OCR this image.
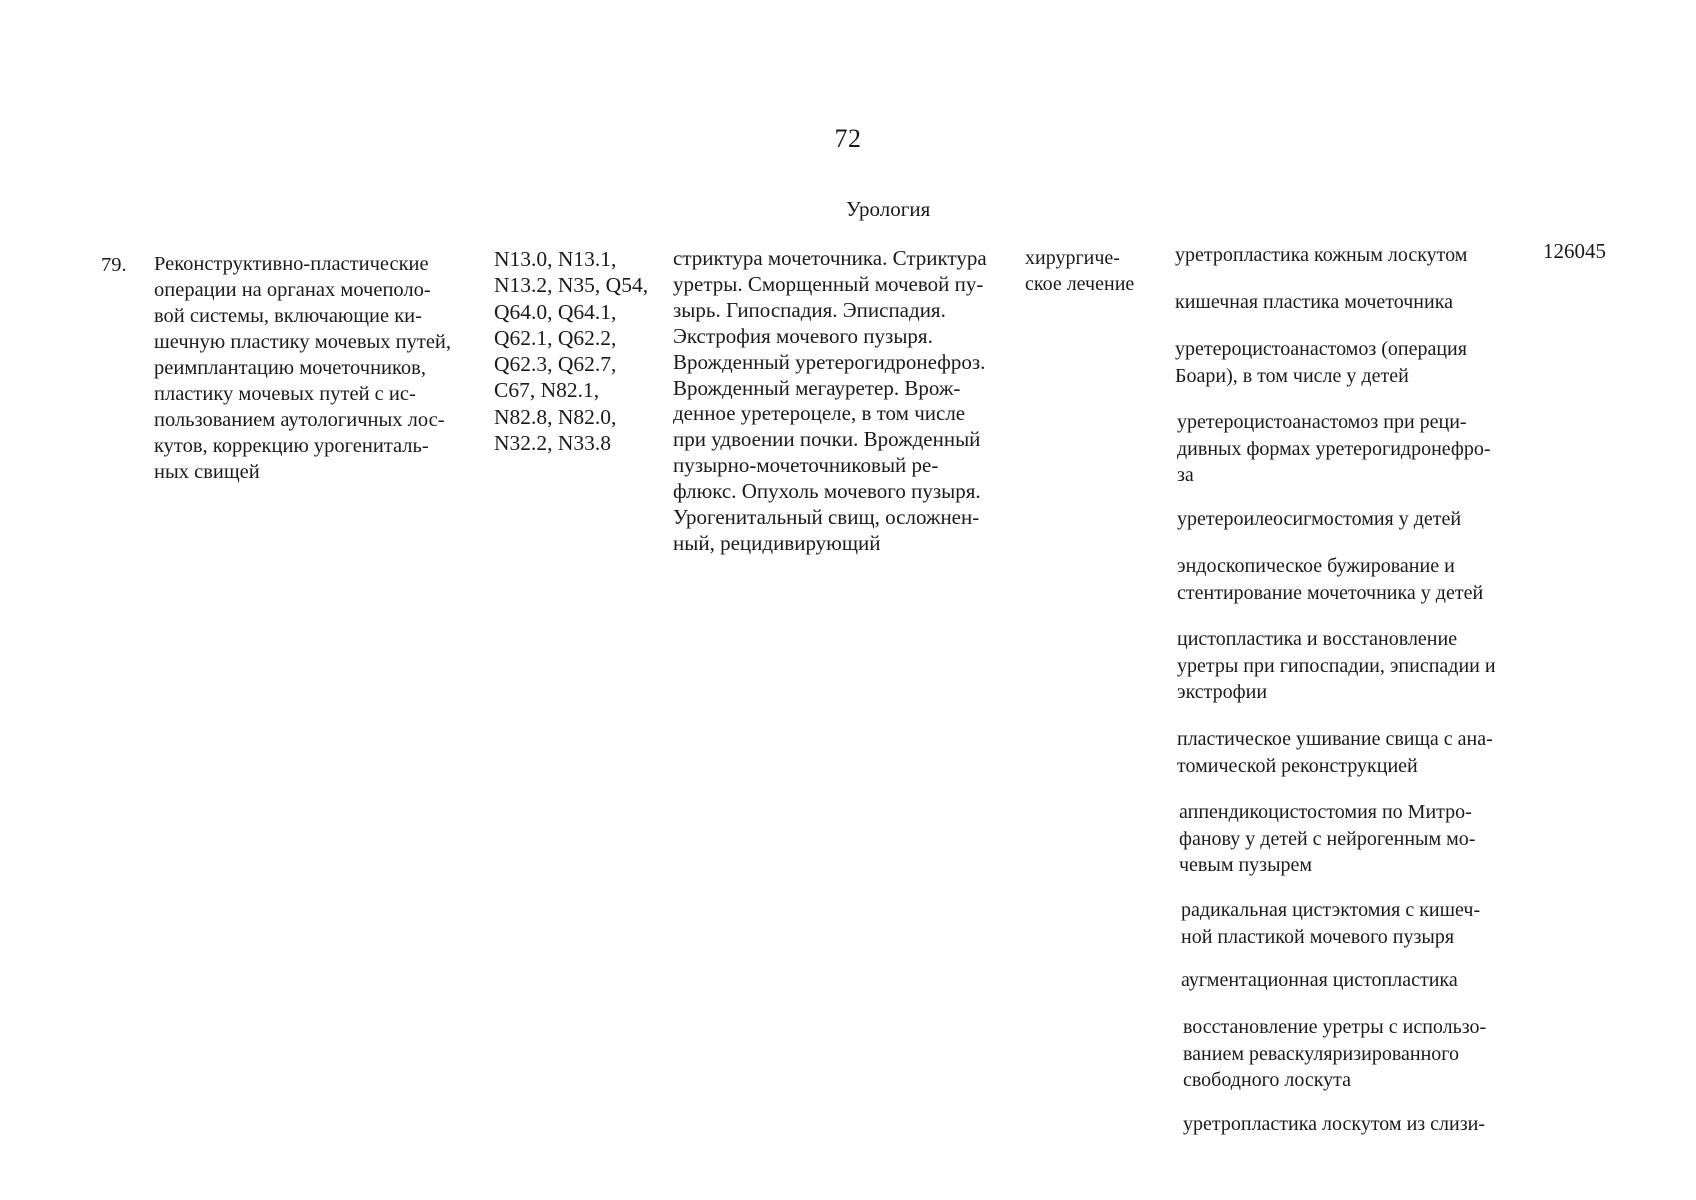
72
Урология
79. Реконструктивно-пластические
операции на органах мочеполо-
вой системы, включающие ки-
шечную пластику мочевых путей,
реимплантацию мочеточников,
пластику мочевых путей с ис-
пользованием аутологичных лос-
кутов, коррекцию урогениталь-
ных свищей
N13.0, N13.1,
N13.2, N35, Q54,
Q64.0, Q64.1,
Q62.1, Q62.2,
Q62.3, Q62.7,
C67, N82.1,
N82.8, N82.0,
N32.2, N33.8
стриктура мочеточника. Стриктура
уретры. Сморщенный мочевой пу-
зырь. Гипоспадия. Эписпадия.
Экстрофия мочевого пузыря.
Врожденный уретерогидронефроз.
Врожденный мегауретер. Врож-
денное уретероцеле, в том числе
при удвоении почки. Врожденный
пузырно-мочеточниковый ре-
флюкс. Опухоль мочевого пузыря.
Урогенитальный свищ, осложнен-
ный, рецидивирующий
хирургиче-
ское лечение
уретропластика кожным лоскутом
кишечная пластика мочеточника
уретероцистоанастомоз (операция
Боари), в том числе у детей
уретероцистоанастомоз при реци-
дивных формах уретерогидронефро-
за
уретероилеосигмостомия у детей
эндоскопическое бужирование и
стентирование мочеточника у детей
цистопластика и восстановление
уретры при гипоспадии, эписпадии и
экстрофии
пластическое ушивание свища с ана-
томической реконструкцией
аппендикоцистостомия по Митро-
фанову у детей с нейрогенным мо-
чевым пузырем
радикальная цистэктомия с кишеч-
ной пластикой мочевого пузыря
аугментационная цистопластика
восстановление уретры с использо-
ванием реваскуляризированного
свободного лоскута
уретропластика лоскутом из слизи-
126045
